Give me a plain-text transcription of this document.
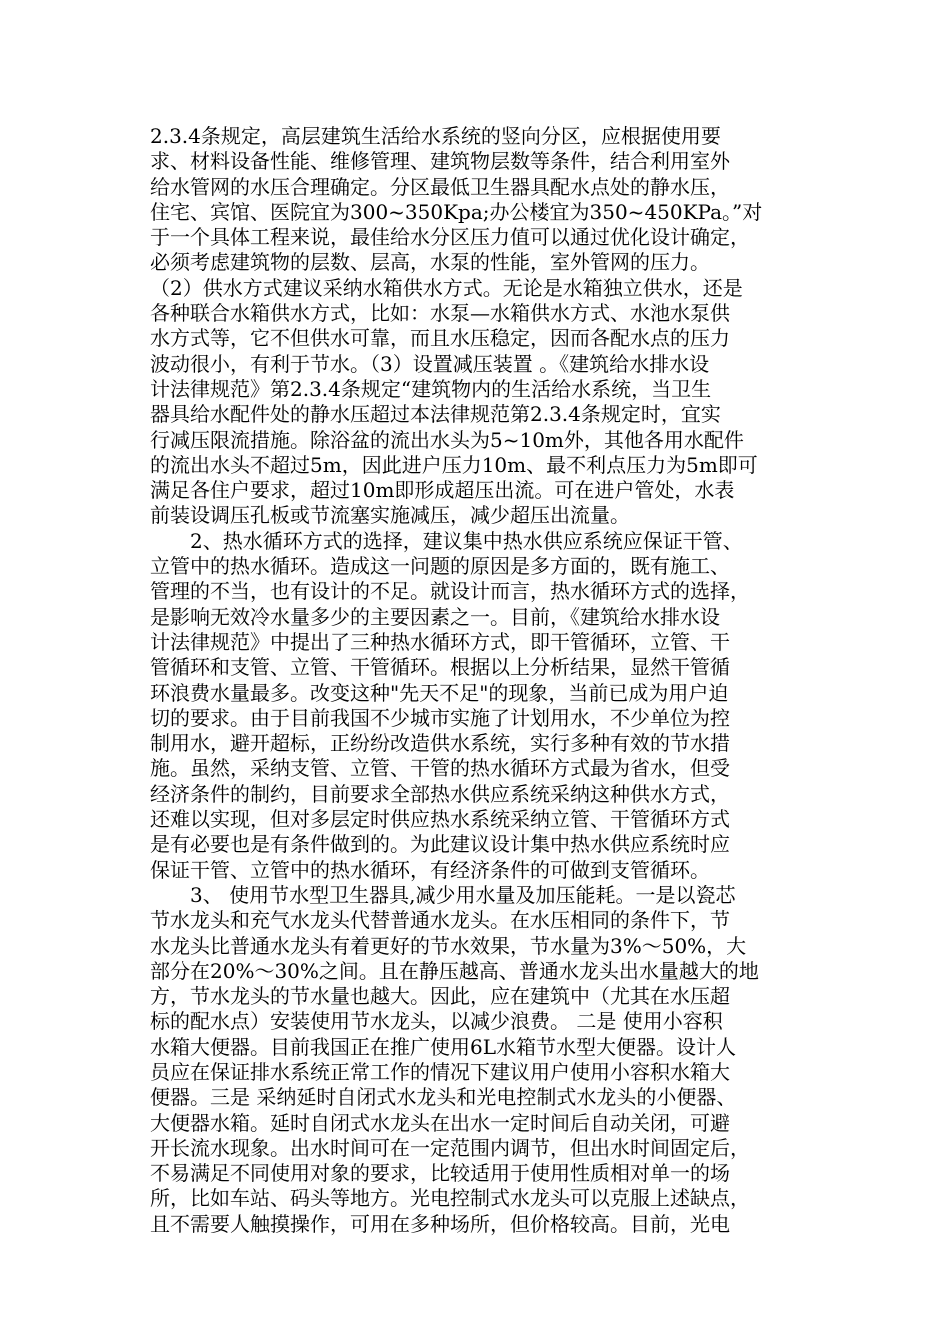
2.3.4条规定，高层建筑生活给水系统的竖向分区，应根据使用要
求、材料设备性能、维修管理、建筑物层数等条件，结合利用室外
给水管网的水压合理确定。分区最低卫生器具配水点处的静水压，
住宅、宾馆、医院宜为300~350Kpa;办公楼宜为350~450KPa。”对
于一个具体工程来说，最佳给水分区压力值可以通过优化设计确定，
必须考虑建筑物的层数、层高，水泵的性能，室外管网的压力。
（2）供水方式建议采纳水箱供水方式。无论是水箱独立供水，还是
各种联合水箱供水方式，比如：水泵—水箱供水方式、水池水泵供
水方式等，它不但供水可靠，而且水压稳定，因而各配水点的压力
波动很小，有利于节水。（3）设置减压装置 。《建筑给水排水设
计法律规范》第2.3.4条规定“建筑物内的生活给水系统，当卫生
器具给水配件处的静水压超过本法律规范第2.3.4条规定时，宜实
行减压限流措施。除浴盆的流出水头为5~10m外，其他各用水配件
的流出水头不超过5m，因此进户压力10m、最不利点压力为5m即可
满足各住户要求，超过10m即形成超压出流。可在进户管处，水表
前装设调压孔板或节流塞实施减压，减少超压出流量。
　　2、热水循环方式的选择，建议集中热水供应系统应保证干管、
立管中的热水循环。造成这一问题的原因是多方面的，既有施工、
管理的不当，也有设计的不足。就设计而言，热水循环方式的选择，
是影响无效冷水量多少的主要因素之一。目前，《建筑给水排水设
计法律规范》中提出了三种热水循环方式，即干管循环，立管、干
管循环和支管、立管、干管循环。根据以上分析结果，显然干管循
环浪费水量最多。改变这种"先天不足"的现象，当前已成为用户迫
切的要求。由于目前我国不少城市实施了计划用水，不少单位为控
制用水，避开超标，正纷纷改造供水系统，实行多种有效的节水措
施。虽然，采纳支管、立管、干管的热水循环方式最为省水，但受
经济条件的制约，目前要求全部热水供应系统采纳这种供水方式，
还难以实现，但对多层定时供应热水系统采纳立管、干管循环方式
是有必要也是有条件做到的。为此建议设计集中热水供应系统时应
保证干管、立管中的热水循环，有经济条件的可做到支管循环。
　　3、 使用节水型卫生器具,减少用水量及加压能耗。一是以瓷芯
节水龙头和充气水龙头代替普通水龙头。在水压相同的条件下，节
水龙头比普通水龙头有着更好的节水效果，节水量为3%～50%，大
部分在20%～30%之间。且在静压越高、普通水龙头出水量越大的地
方，节水龙头的节水量也越大。因此，应在建筑中（尤其在水压超
标的配水点）安装使用节水龙头，以减少浪费。 二是 使用小容积
水箱大便器。目前我国正在推广使用6L水箱节水型大便器。设计人
员应在保证排水系统正常工作的情况下建议用户使用小容积水箱大
便器。三是 采纳延时自闭式水龙头和光电控制式水龙头的小便器、
大便器水箱。延时自闭式水龙头在出水一定时间后自动关闭，可避
开长流水现象。出水时间可在一定范围内调节，但出水时间固定后，
不易满足不同使用对象的要求，比较适用于使用性质相对单一的场
所，比如车站、码头等地方。光电控制式水龙头可以克服上述缺点，
且不需要人触摸操作，可用在多种场所，但价格较高。目前，光电
